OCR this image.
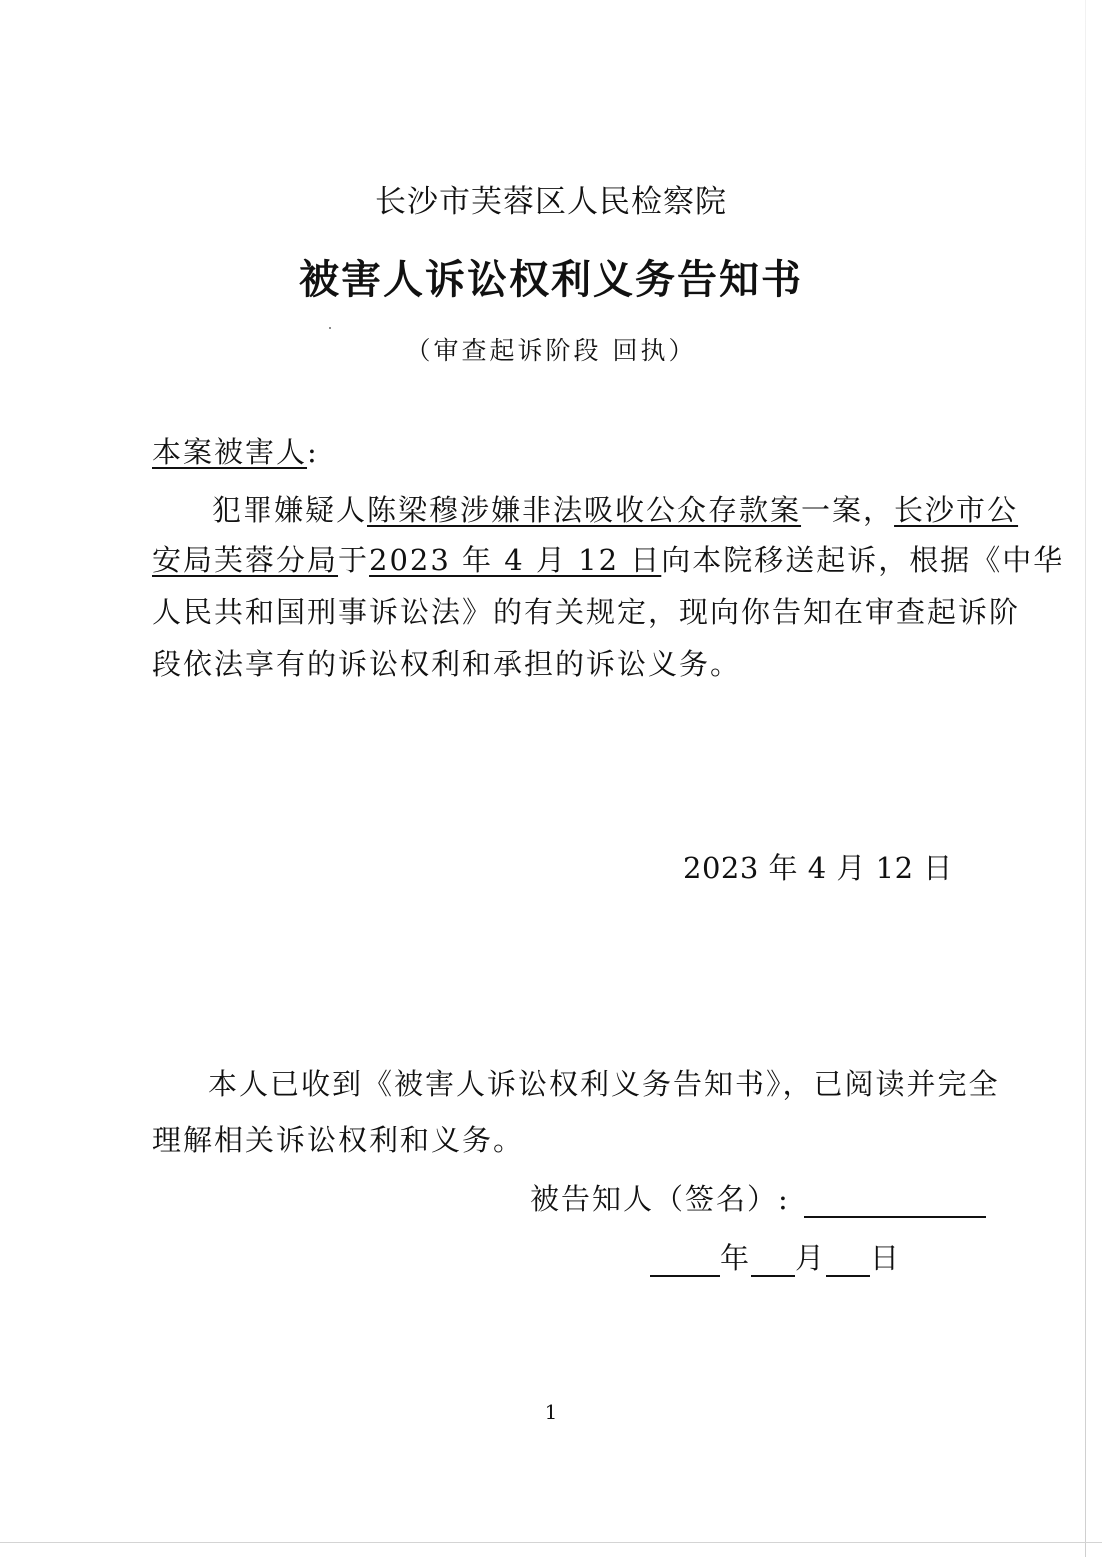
长沙市芙蓉区人民检察院
被害人诉讼权利义务告知书
（审查起诉阶段 回执）
本案被害人:
犯罪嫌疑人陈梁穆涉嫌非法吸收公众存款案一案，长沙市公
安局芙蓉分局于2023 年 4 月 12 日向本院移送起诉，根据《中华
人民共和国刑事诉讼法》的有关规定，现向你告知在审查起诉阶
段依法享有的诉讼权利和承担的诉讼义务。
2023 年 4 月 12 日
本人已收到《被害人诉讼权利义务告知书》，已阅读并完全
理解相关诉讼权利和义务。
被告知人（签名）:
年 月 日
1
